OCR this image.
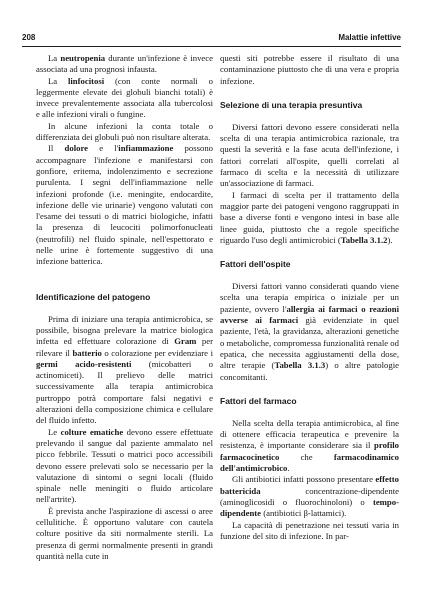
208	Malattie infettive

La neutropenia durante un'infezione è invece associata ad una prognosi infausta.

La linfocitosi (con conte normali o leggermente elevate dei globuli bianchi totali) è invece prevalentemente associata alla tubercolosi e alle infezioni virali o fungine.

In alcune infezioni la conta totale o differenziata dei globuli può non risultare alterata.

Il dolore e l'infiammazione possono accompagnare l'infezione e manifestarsi con gonfiore, eritema, indolenzimento e secrezione purulenta. I segni dell'infiammazione nelle infezioni profonde (i.e. meningite, endocardite, infezione delle vie urinarie) vengono valutati con l'esame dei tessuti o di matrici biologiche, infatti la presenza di leucociti polimorfonucleati (neutrofili) nel fluido spinale, nell'espettorato e nelle urine è fortemente suggestivo di una infezione batterica.

Identificazione del patogeno

Prima di iniziare una terapia antimicrobica, se possibile, bisogna prelevare la matrice biologica infetta ed effettuare colorazione di Gram per rilevare il batterio o colorazione per evidenziare i germi acido-resistenti (micobatteri o actinomiceti). Il prelievo delle matrici successivamente alla terapia antimicrobica purtroppo potrà comportare falsi negativi e alterazioni della composizione chimica e cellulare del fluido infetto.

Le colture ematiche devono essere effettuate prelevando il sangue dal paziente ammalato nel picco febbrile. Tessuti o matrici poco accessibili devono essere prelevati solo se necessario per la valutazione di sintomi o segni locali (fluido spinale nelle meningiti o fluido articolare nell'artrite).

È prevista anche l'aspirazione di ascessi o aree cellulitiche. È opportuno valutare con cautela colture positive da siti normalmente sterili. La presenza di germi normalmente presenti in grandi quantità nella cute in

questi siti potrebbe essere il risultato di una contaminazione piuttosto che di una vera e propria infezione.

Selezione di una terapia presuntiva

Diversi fattori devono essere considerati nella scelta di una terapia antimicrobica razionale, tra questi la severità e la fase acuta dell'infezione, i fattori correlati all'ospite, quelli correlati al farmaco di scelta e la necessità di utilizzare un'associazione di farmaci.

I farmaci di scelta per il trattamento della maggior parte dei patogeni vengono raggruppati in base a diverse fonti e vengono intesi in base alle linee guida, piuttosto che a regole specifiche riguardo l'uso degli antimicrobici (Tabella 3.1.2).

Fattori dell'ospite

Diversi fattori vanno considerati quando viene scelta una terapia empirica o iniziale per un paziente, ovvero l'allergia ai farmaci o reazioni avverse ai farmaci già evidenziate in quel paziente, l'età, la gravidanza, alterazioni genetiche o metaboliche, compromessa funzionalità renale od epatica, che necessita aggiustamenti della dose, altre terapie (Tabella 3.1.3) o altre patologie concomitanti.

Fattori del farmaco

Nella scelta della terapia antimicrobica, al fine di ottenere efficacia terapeutica e prevenire la resistenza, è importante considerare sia il profilo farmacocinetico che farmacodinamico dell'antimicrobico.

Gli antibiotici infatti possono presentare effetto battericida concentrazione-dipendente (aminoglicosidi o fluorochinoloni) o tempo-dipendente (antibiotici β-lattamici).

La capacità di penetrazione nei tessuti varia in funzione del sito di infezione. In par-
